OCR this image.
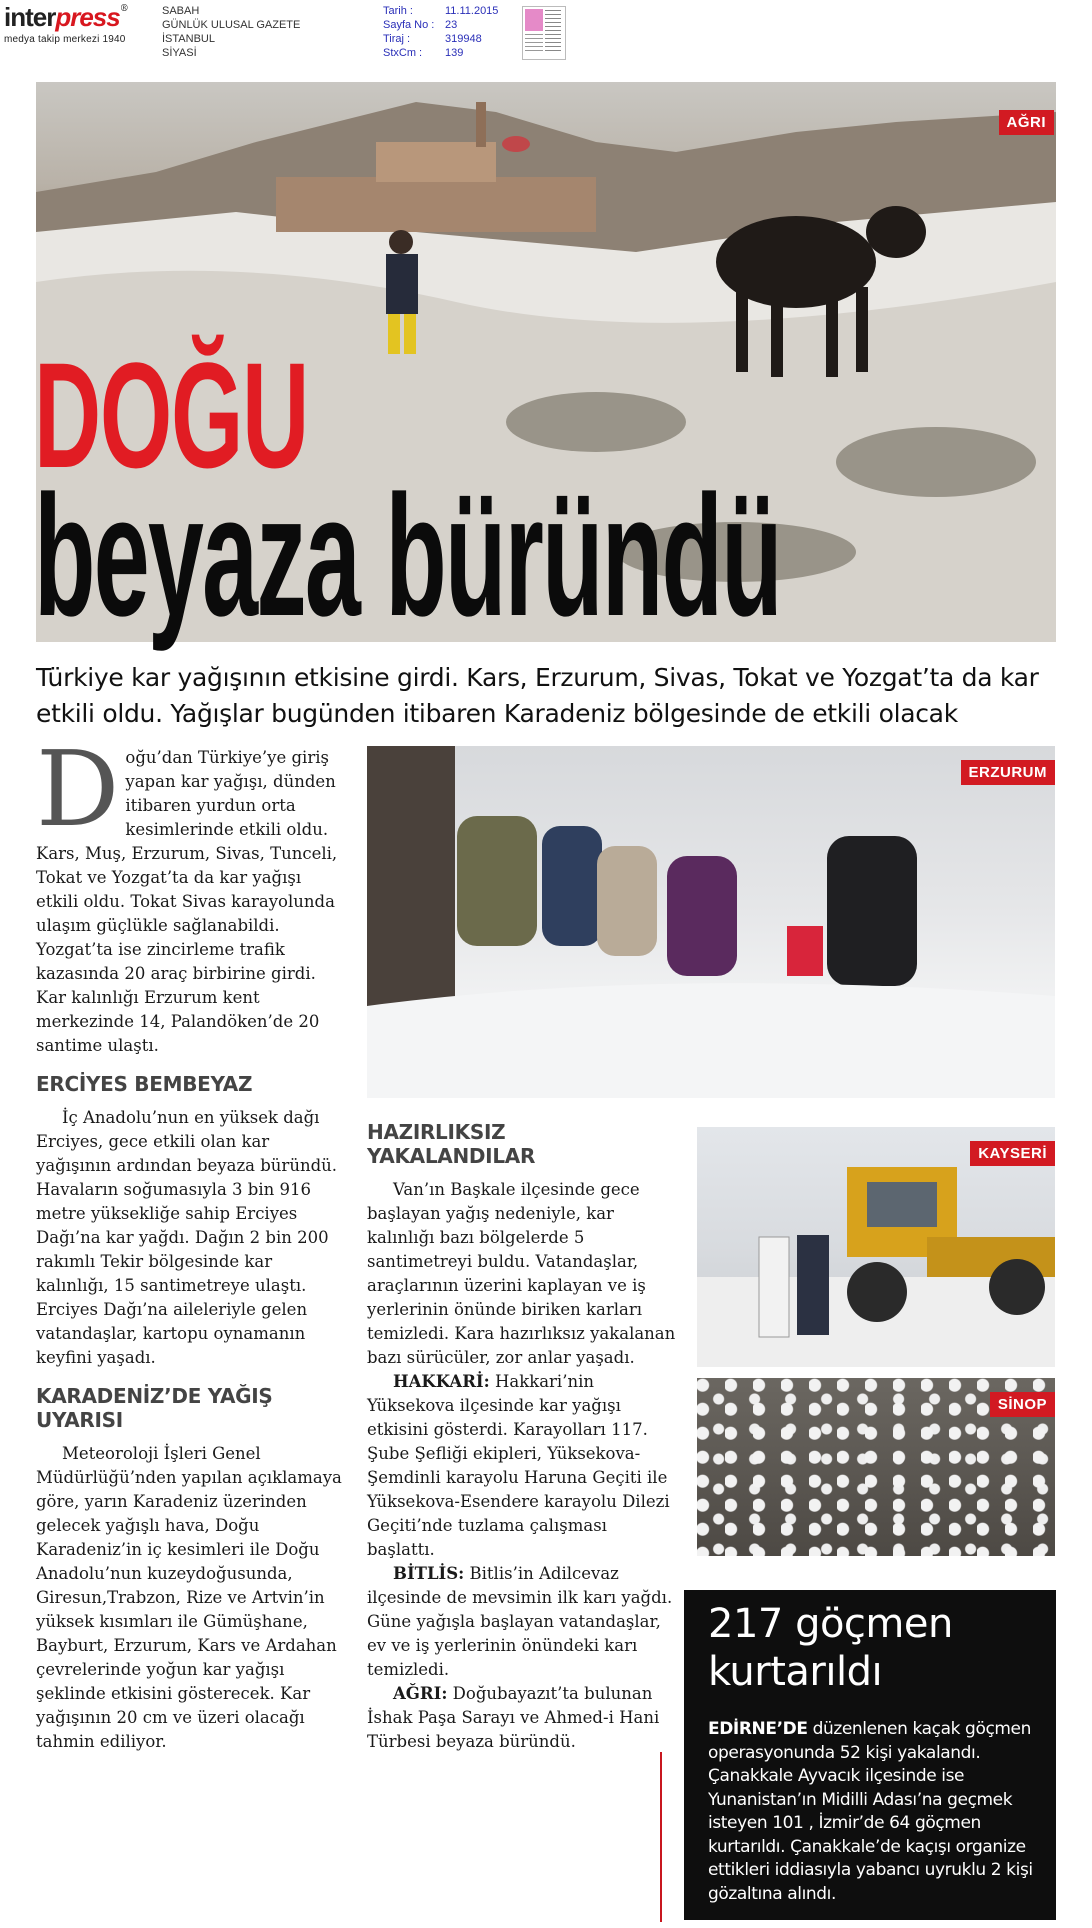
interpress®
medya takip merkezi 1940
SABAH
GÜNLÜK ULUSAL GAZETE
İSTANBUL
SİYASİ
Tarih :	11.11.2015
Sayfa No : 23
Tiraj :	319948
StxCm :	139
AĞRI
DOĞU
beyaza büründü
Türkiye kar yağışının etkisine girdi. Kars, Erzurum, Sivas, Tokat ve Yozgat’ta da kar etkili oldu. Yağışlar bugünden itibaren Karadeniz bölgesinde de etkili olacak
Doğu’dan Türkiye’ye giriş yapan kar yağışı, dünden itibaren yurdun orta kesimlerinde etkili oldu. Kars, Muş, Erzurum, Sivas, Tunceli, Tokat ve Yozgat’ta da kar yağışı etkili oldu. Tokat Sivas karayolunda ulaşım güçlükle sağlanabildi. Yozgat’ta ise zincirleme trafik kazasında 20 araç birbirine girdi. Kar kalınlığı Erzurum kent merkezinde 14, Palandöken’de 20 santime ulaştı.
ERCİYES BEMBEYAZ

İç Anadolu’nun en yüksek dağı Erciyes, gece etkili olan kar yağışının ardından beyaza büründü. Havaların soğumasıyla 3 bin 916 metre yüksekliğe sahip Erciyes Dağı’na kar yağdı. Dağın 2 bin 200 rakımlı Tekir bölgesinde kar kalınlığı, 15 santimetreye ulaştı. Erciyes Dağı’na aileleriyle gelen vatandaşlar, kartopu oynamanın keyfini yaşadı.

KARADENİZ’DE YAĞIŞ UYARISI

Meteoroloji İşleri Genel Müdürlüğü’nden yapılan açıklamaya göre, yarın Karadeniz üzerinden gelecek yağışlı hava, Doğu Karadeniz’in iç kesimleri ile Doğu Anadolu’nun kuzeydoğusunda, Giresun,Trabzon, Rize ve Artvin’in yüksek kısımları ile Gümüşhane, Bayburt, Erzurum, Kars ve Ardahan çevrelerinde yoğun kar yağışı şeklinde etkisini gösterecek. Kar yağışının 20 cm ve üzeri olacağı tahmin ediliyor.

ERZURUM
HAZIRLIKSIZ YAKALANDILAR

Van’ın Başkale ilçesinde gece başlayan yağış nedeniyle, kar kalınlığı bazı bölgelerde 5 santimetreyi buldu. Vatandaşlar, araçlarının üzerini kaplayan ve iş yerlerinin önünde biriken karları temizledi. Kara hazırlıksız yakalanan bazı sürücüler, zor anlar yaşadı.

HAKKARİ: Hakkari’nin Yüksekova ilçesinde kar yağışı etkisini gösterdi. Karayolları 117. Şube Şefliği ekipleri, Yüksekova-Şemdinli karayolu Haruna Geçiti ile Yüksekova-Esendere karayolu Dilezi Geçiti’nde tuzlama çalışması başlattı.

BİTLİS: Bitlis’in Adilcevaz ilçesinde de mevsimin ilk karı yağdı. Güne yağışla başlayan vatandaşlar, ev ve iş yerlerinin önündeki karı temizledi.

AĞRI: Doğubayazıt’ta bulunan İshak Paşa Sarayı ve Ahmed-i Hani Türbesi beyaza büründü.

KAYSERİ
SİNOP
217 göçmen kurtarıldı
EDİRNE’DE düzenlenen kaçak göçmen operasyonunda 52 kişi yakalandı. Çanakkale Ayvacık ilçesinde ise Yunanistan’ın Midilli Adası’na geçmek isteyen 101 , İzmir’de 64 göçmen kurtarıldı. Çanakkale’de kaçışı organize ettikleri iddiasıyla yabancı uyruklu 2 kişi gözaltına alındı.
